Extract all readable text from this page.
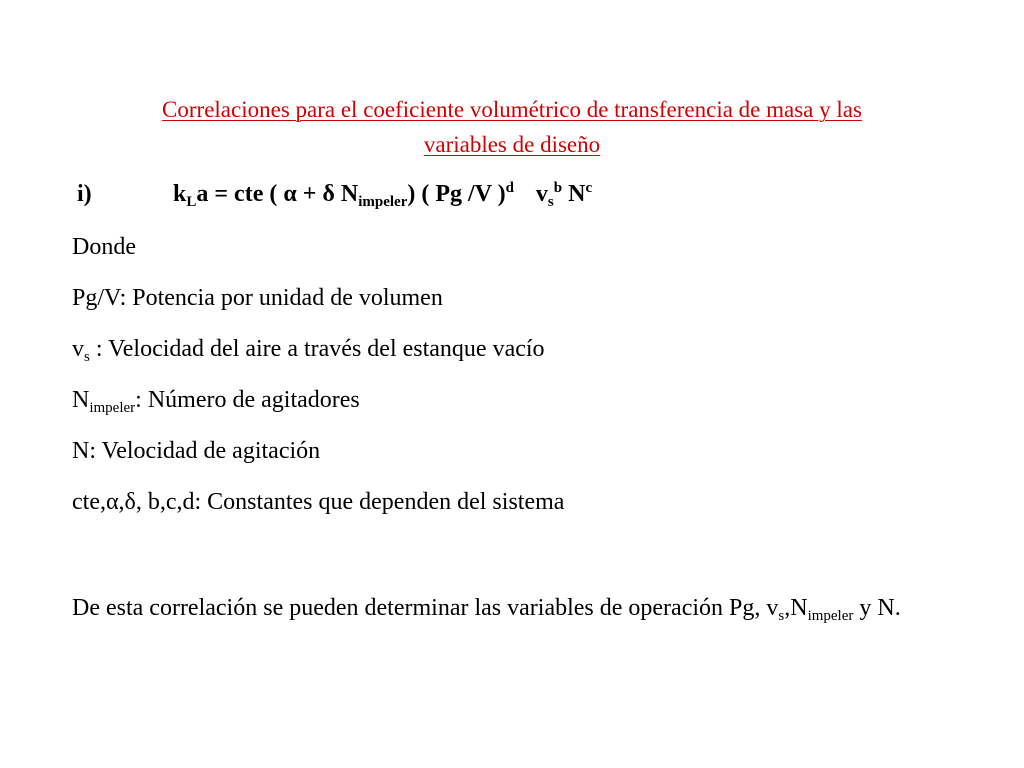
Correlaciones para el coeficiente volumétrico de transferencia de masa y las
variables de diseño
i)	$k_La$ = cte ( α + δ $N_{impeler}$) ( Pg /V )$^d$ $v_s^b$ $N^c$
Donde
Pg/V: Potencia por unidad de volumen
$v_s$ : Velocidad del aire a través del estanque vacío
$N_{impeler}$: Número de agitadores
N: Velocidad de agitación
cte,α,δ, b,c,d: Constantes que dependen del sistema
De esta correlación se pueden determinar las variables de operación Pg, $v_s,N_{impeler}$ y N.
